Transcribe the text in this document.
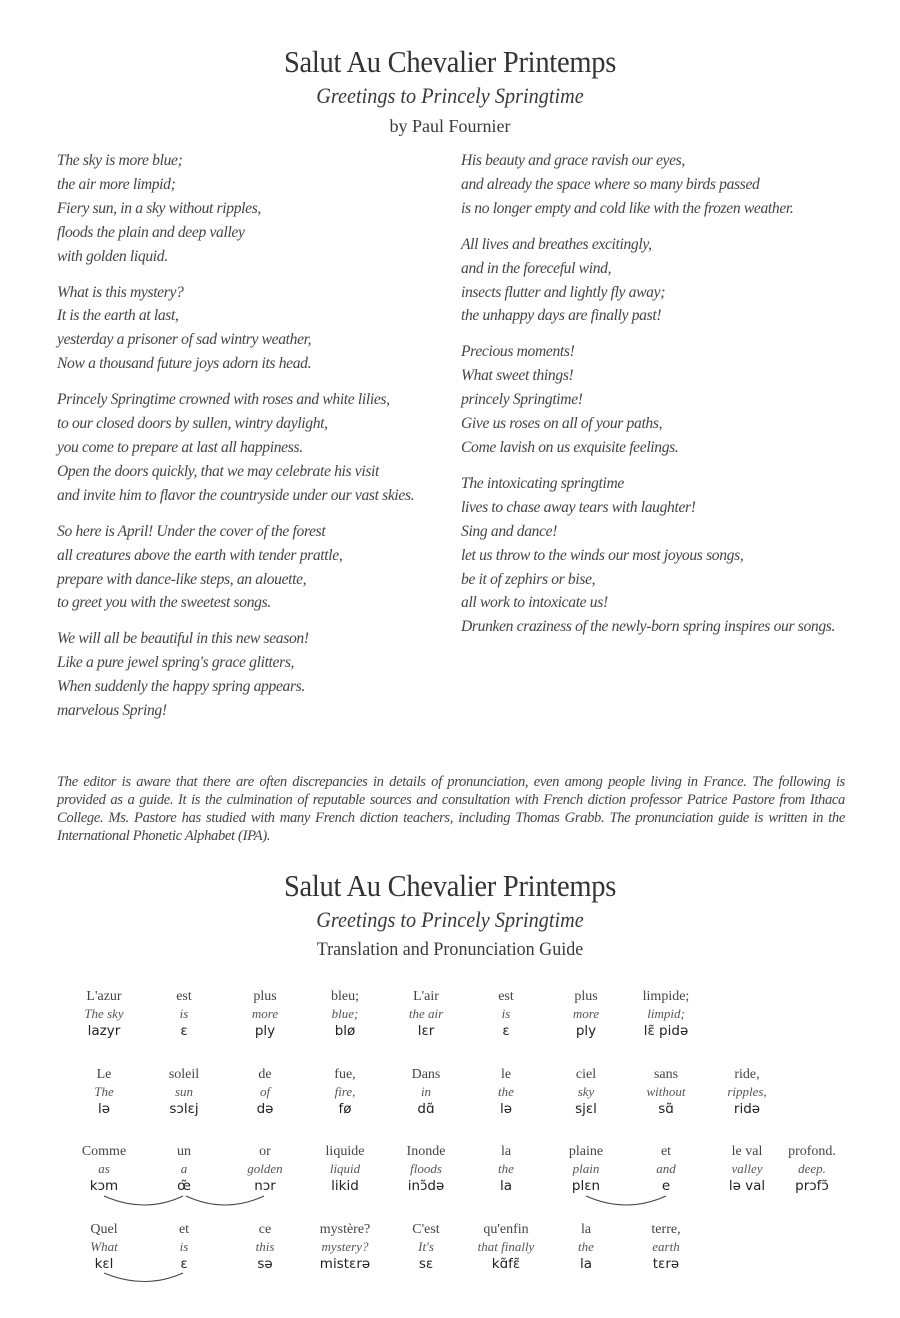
Salut Au Chevalier Printemps
Greetings to Princely Springtime
by Paul Fournier
The sky is more blue;
the air more limpid;
Fiery sun, in a sky without ripples,
floods the plain and deep valley
with golden liquid.
What is this mystery?
It is the earth at last,
yesterday a prisoner of sad wintry weather,
Now a thousand future joys adorn its head.
Princely Springtime crowned with roses and white lilies,
to our closed doors by sullen, wintry daylight,
you come to prepare at last all happiness.
Open the doors quickly, that we may celebrate his visit
and invite him to flavor the countryside under our vast skies.
So here is April! Under the cover of the forest
all creatures above the earth with tender prattle,
prepare with dance-like steps, an alouette,
to greet you with the sweetest songs.
We will all be beautiful in this new season!
Like a pure jewel spring's grace glitters,
When suddenly the happy spring appears.
marvelous Spring!
His beauty and grace ravish our eyes,
and already the space where so many birds passed
is no longer empty and cold like with the frozen weather.
All lives and breathes excitingly,
and in the foreceful wind,
insects flutter and lightly fly away;
the unhappy days are finally past!
Precious moments!
What sweet things!
princely Springtime!
Give us roses on all of your paths,
Come lavish on us exquisite feelings.
The intoxicating springtime
lives to chase away tears with laughter!
Sing and dance!
let us throw to the winds our most joyous songs,
be it of zephirs or bise,
all work to intoxicate us!
Drunken craziness of the newly-born spring inspires our songs.
The editor is aware that there are often discrepancies in details of pronunciation, even among people living in France. The following is provided as a guide. It is the culmination of reputable sources and consultation with French diction professor Patrice Pastore from Ithaca College. Ms. Pastore has studied with many French diction teachers, including Thomas Grabb. The pronunciation guide is written in the International Phonetic Alphabet (IPA).
Salut Au Chevalier Printemps
Greetings to Princely Springtime
Translation and Pronunciation Guide
L'azur
The sky
lazyr
est
is
ɛ
plus
more
ply
bleu;
blue;
blø
L'air
the air
lɛr
est
is
ɛ
plus
more
ply
limpide;
limpid;
lɛ̃ pidə
Le
The
lə
soleil
sun
sɔlɛj
de
of
də
fue,
fire,
fø
Dans
in
dɑ̃
le
the
lə
ciel
sky
sjɛl
sans
without
sɑ̃
ride,
ripples,
ridə
Comme
as
kɔm
un
a
œ̃
or
golden
nɔr
liquide
liquid
likid
Inonde
floods
inɔ̃də
la
the
la
plaine
plain
plɛn
et
and
e
le val
valley
lə val
profond.
deep.
prɔfɔ̃
Quel
What
kɛl
et
is
ɛ
ce
this
sə
mystère?
mystery?
mistɛrə
C'est
It's
sɛ
qu'enfin
that finally
kɑ̃fɛ̃
la
the
la
terre,
earth
tɛrə
